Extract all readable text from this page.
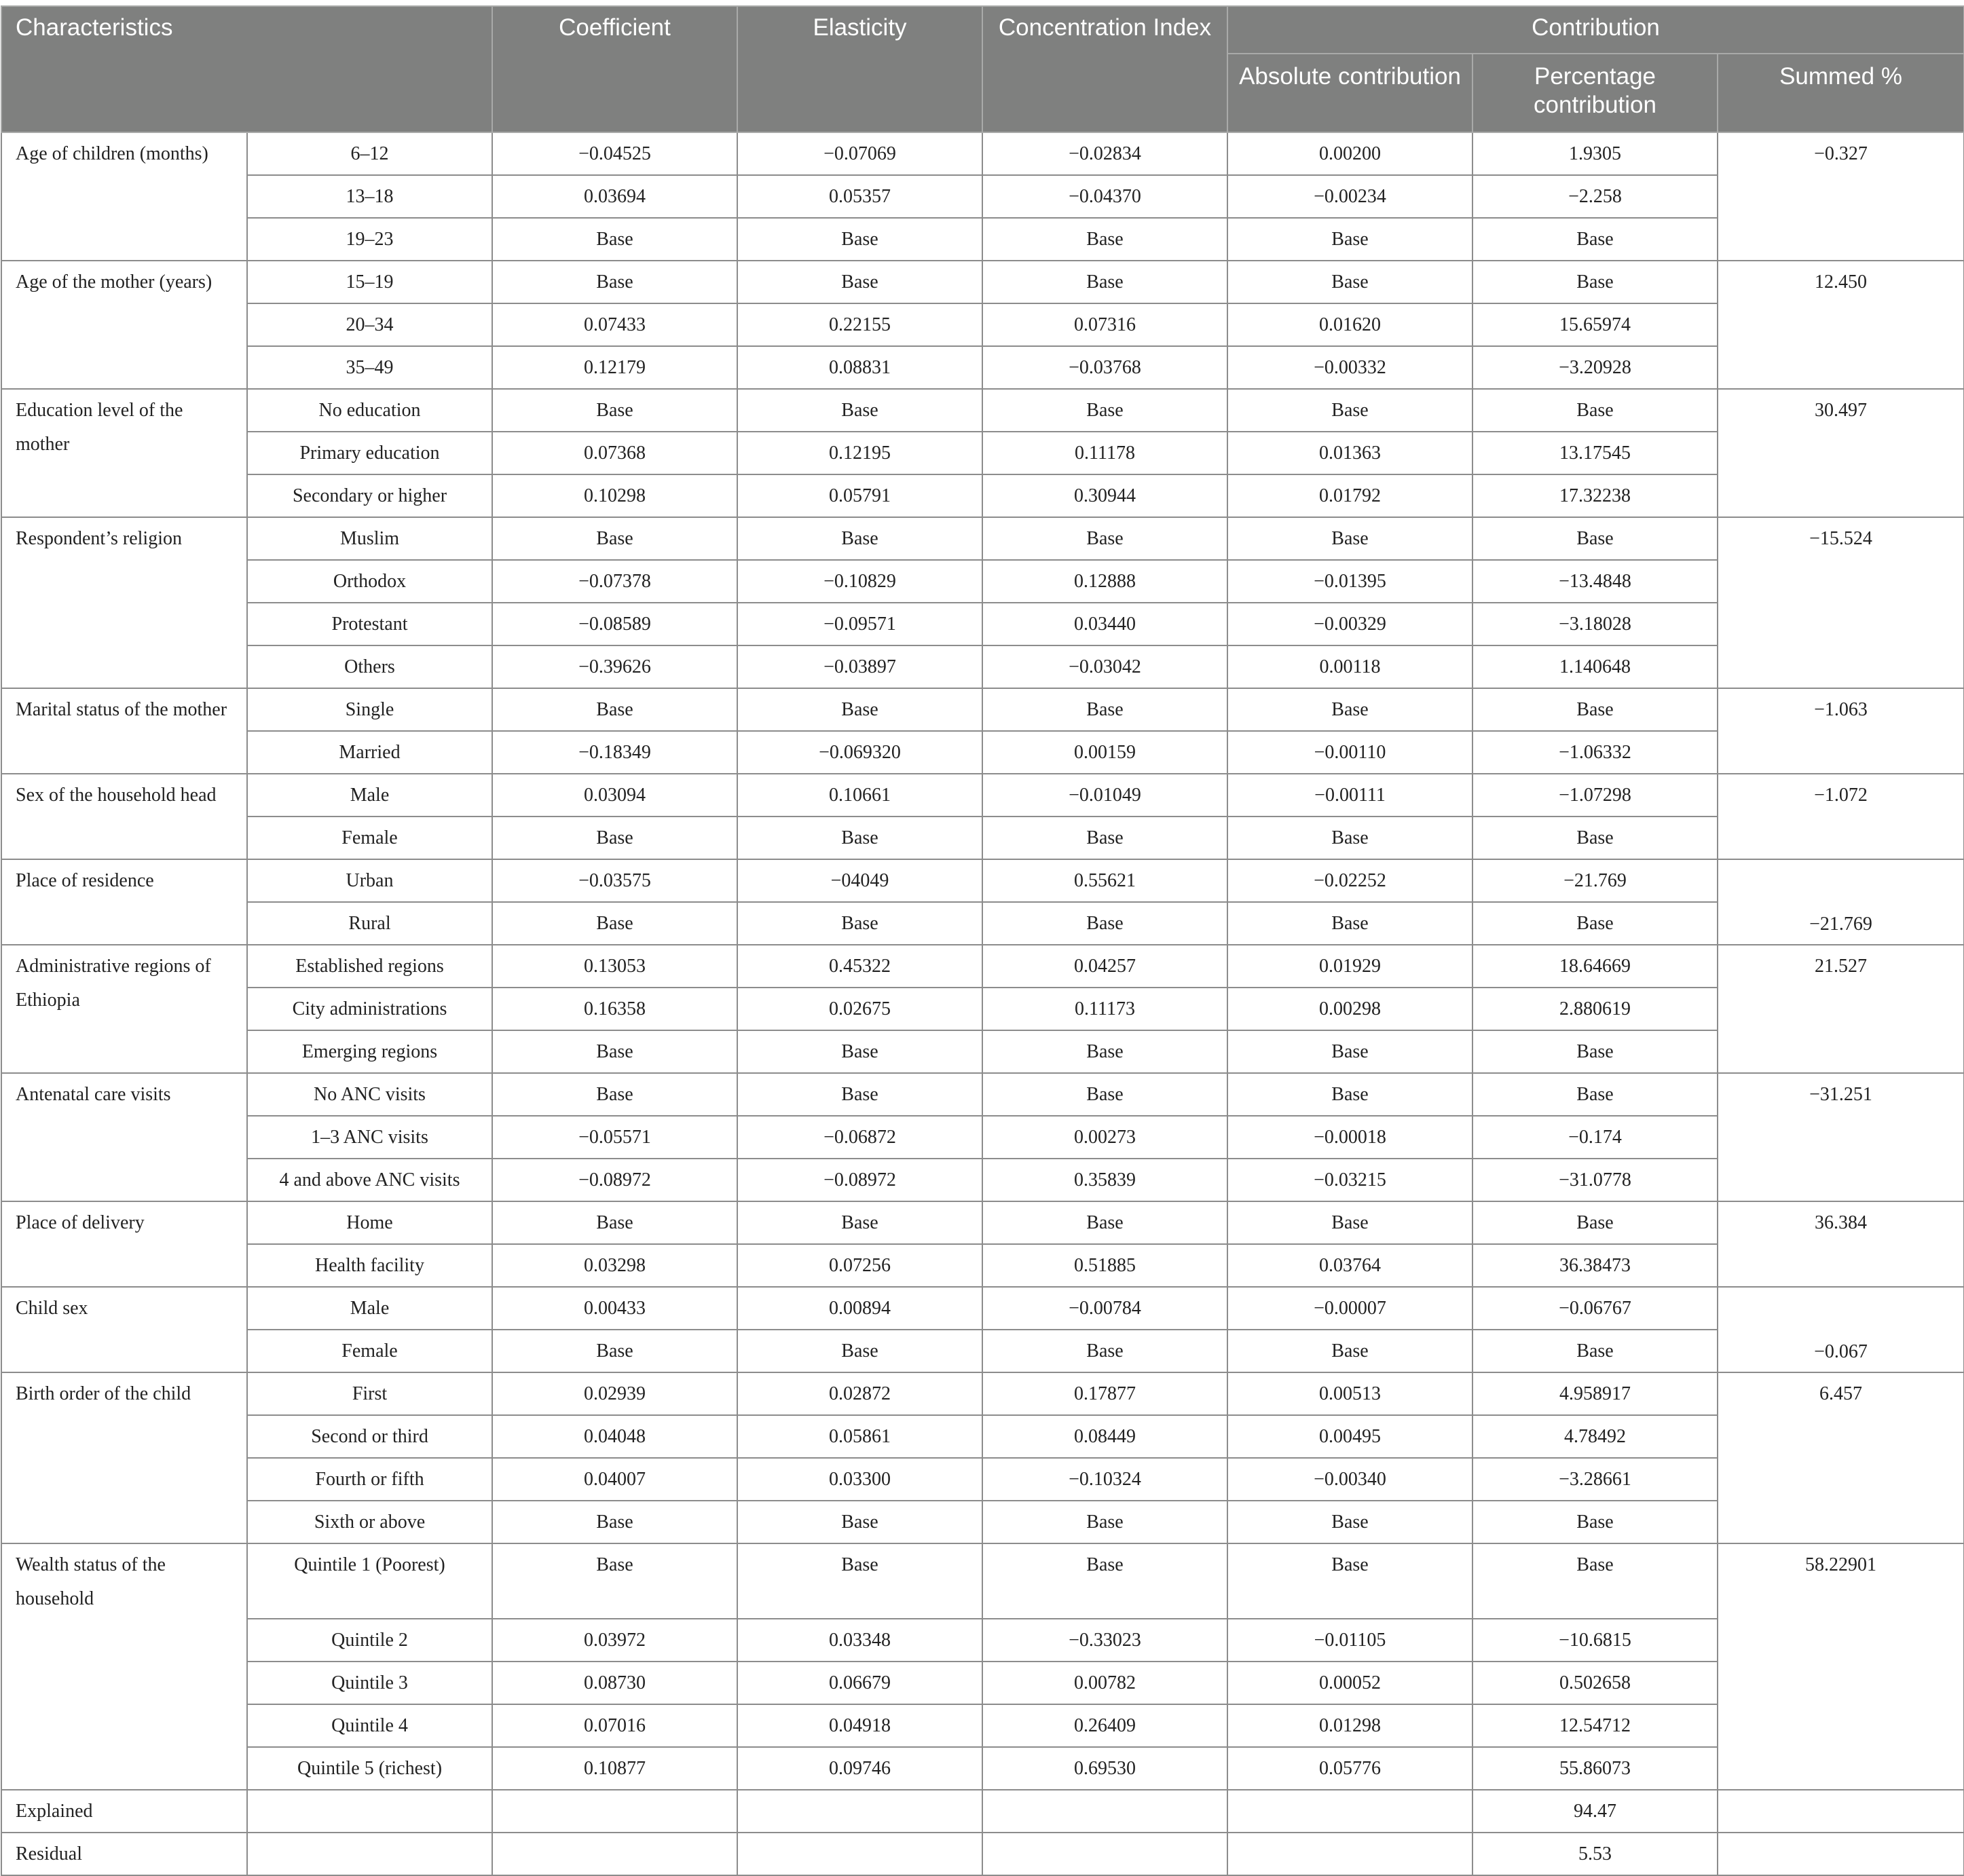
Characteristics		Coefficient	Elasticity	Concentration Index	Contribution		
					Absolute contribution	Percentage contribution	Summed %
Age of children (months)	6–12	−0.04525	−0.07069	−0.02834	0.00200	1.9305	−0.327
	13–18	0.03694	0.05357	−0.04370	−0.00234	−2.258	
	19–23	Base	Base	Base	Base	Base	
Age of the mother (years)	15–19	Base	Base	Base	Base	Base	12.450
	20–34	0.07433	0.22155	0.07316	0.01620	15.65974	
	35–49	0.12179	0.08831	−0.03768	−0.00332	−3.20928	
Education level of the mother	No education	Base	Base	Base	Base	Base	30.497
	Primary education	0.07368	0.12195	0.11178	0.01363	13.17545	
	Secondary or higher	0.10298	0.05791	0.30944	0.01792	17.32238	
Respondent’s religion	Muslim	Base	Base	Base	Base	Base	−15.524
	Orthodox	−0.07378	−0.10829	0.12888	−0.01395	−13.4848	
	Protestant	−0.08589	−0.09571	0.03440	−0.00329	−3.18028	
	Others	−0.39626	−0.03897	−0.03042	0.00118	1.140648	
Marital status of the mother	Single	Base	Base	Base	Base	Base	−1.063
	Married	−0.18349	−0.069320	0.00159	−0.00110	−1.06332	
Sex of the household head	Male	0.03094	0.10661	−0.01049	−0.00111	−1.07298	−1.072
	Female	Base	Base	Base	Base	Base	
Place of residence	Urban	−0.03575	−04049	0.55621	−0.02252	−21.769	−21.769
	Rural	Base	Base	Base	Base	Base	
Administrative regions of Ethiopia	Established regions	0.13053	0.45322	0.04257	0.01929	18.64669	21.527
	City administrations	0.16358	0.02675	0.11173	0.00298	2.880619	
	Emerging regions	Base	Base	Base	Base	Base	
Antenatal care visits	No ANC visits	Base	Base	Base	Base	Base	−31.251
	1–3 ANC visits	−0.05571	−0.06872	0.00273	−0.00018	−0.174	
	4 and above ANC visits	−0.08972	−0.08972	0.35839	−0.03215	−31.0778	
Place of delivery	Home	Base	Base	Base	Base	Base	36.384
	Health facility	0.03298	0.07256	0.51885	0.03764	36.38473	
Child sex	Male	0.00433	0.00894	−0.00784	−0.00007	−0.06767	−0.067
	Female	Base	Base	Base	Base	Base	
Birth order of the child	First	0.02939	0.02872	0.17877	0.00513	4.958917	6.457
	Second or third	0.04048	0.05861	0.08449	0.00495	4.78492	
	Fourth or fifth	0.04007	0.03300	−0.10324	−0.00340	−3.28661	
	Sixth or above	Base	Base	Base	Base	Base	
Wealth status of the household	Quintile 1 (Poorest)	Base	Base	Base	Base	Base	58.22901
	Quintile 2	0.03972	0.03348	−0.33023	−0.01105	−10.6815	
	Quintile 3	0.08730	0.06679	0.00782	0.00052	0.502658	
	Quintile 4	0.07016	0.04918	0.26409	0.01298	12.54712	
	Quintile 5 (richest)	0.10877	0.09746	0.69530	0.05776	55.86073	
Explained						94.47	
Residual						5.53	
